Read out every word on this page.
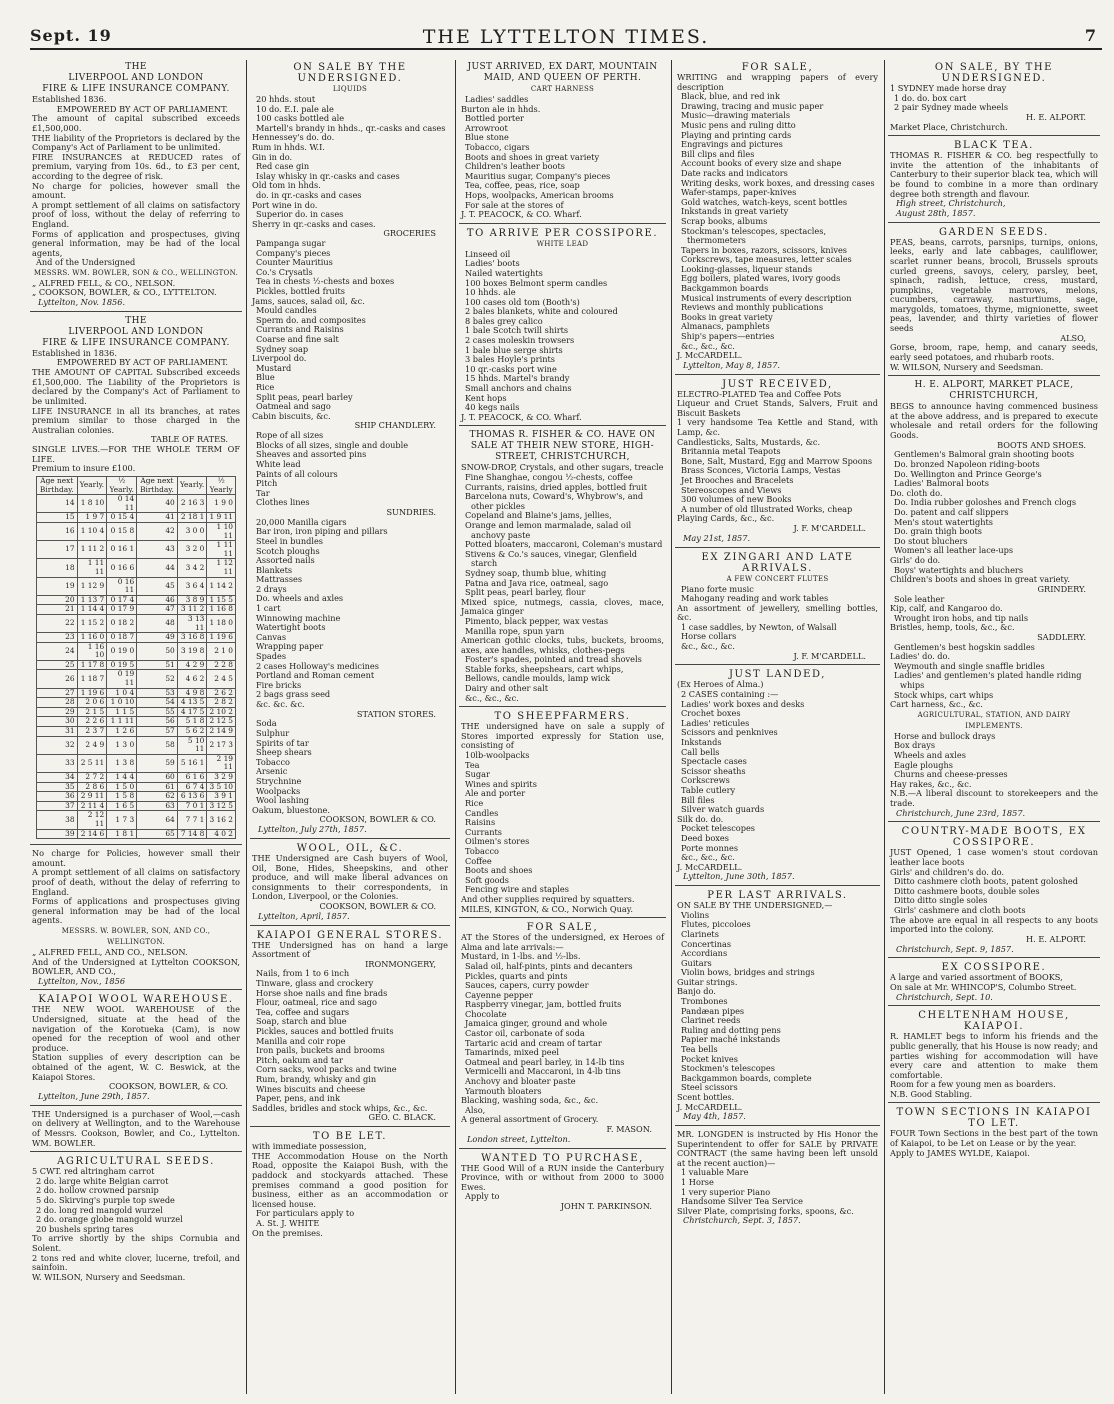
Sept. 19	THE LYTTELTON TIMES.	7
THE
LIVERPOOL AND LONDON
FIRE & LIFE INSURANCE COMPANY.
Established 1836.
EMPOWERED BY ACT OF PARLIAMENT.
The amount of capital subscribed exceeds £1,500,000.
THE liability of the Proprietors is declared by the Company's Act of Parliament to be unlimited.
FIRE INSURANCES at REDUCED rates of premium, varying from 10s. 6d., to £3 per cent, according to the degree of risk.
No charge for policies, however small the amount.
A prompt settlement of all claims on satisfactory proof of loss, without the delay of referring to England.
Forms of application and prospectuses, giving general information, may be had of the local agents,
And of the Undersigned
MESSRS. WM. BOWLER, SON & CO., WELLINGTON.
„ ALFRED FELL, & CO., NELSON.
„ COOKSON, BOWLER, & CO., LYTTELTON.
Lyttelton, Nov. 1856.
THE
LIVERPOOL AND LONDON
FIRE & LIFE INSURANCE COMPANY.
Established in 1836.
EMPOWERED BY ACT OF PARLIAMENT.
THE AMOUNT OF CAPITAL Subscribed exceeds £1,500,000. The Liability of the Proprietors is declared by the Company's Act of Parliament to be unlimited.
LIFE INSURANCE in all its branches, at rates premium similar to those charged in the Australian colonies.
TABLE OF RATES.
SINGLE LIVES.—FOR THE WHOLE TERM OF LIFE.
Premium to insure £100.
Age next Birthday.	Yearly.	½ Yearly.	Age next Birthday.	Yearly.	½ Yearly
14	1 8 10	0 14 11	40	2 16 3	1 9 0
15	1 9 7	0 15 4	41	2 18 1	1 9 11
16	1 10 4	0 15 8	42	3 0 0	1 10 11
17	1 11 2	0 16 1	43	3 2 0	1 11 11
18	1 11 11	0 16 6	44	3 4 2	1 12 11
19	1 12 9	0 16 11	45	3 6 4	1 14 2
20	1 13 7	0 17 4	46	3 8 9	1 15 5
21	1 14 4	0 17 9	47	3 11 2	1 16 8
22	1 15 2	0 18 2	48	3 13 11	1 18 0
23	1 16 0	0 18 7	49	3 16 8	1 19 6
24	1 16 10	0 19 0	50	3 19 8	2 1 0
25	1 17 8	0 19 5	51	4 2 9	2 2 8
26	1 18 7	0 19 11	52	4 6 2	2 4 5
27	1 19 6	1 0 4	53	4 9 8	2 6 2
28	2 0 6	1 0 10	54	4 13 5	2 8 2
29	2 1 5	1 1 5	55	4 17 5	2 10 2
30	2 2 6	1 1 11	56	5 1 8	2 12 5
31	2 3 7	1 2 6	57	5 6 2	2 14 9
32	2 4 9	1 3 0	58	5 10 11	2 17 3
33	2 5 11	1 3 8	59	5 16 1	2 19 11
34	2 7 2	1 4 4	60	6 1 6	3 2 9
35	2 8 6	1 5 0	61	6 7 4	3 5 10
36	2 9 11	1 5 8	62	6 13 6	3 9 1
37	2 11 4	1 6 5	63	7 0 1	3 12 5
38	2 12 11	1 7 3	64	7 7 1	3 16 2
39	2 14 6	1 8 1	65	7 14 8	4 0 2
No charge for Policies, however small their amount.
A prompt settlement of all claims on satisfactory proof of death, without the delay of referring to England.
Forms of applications and prospectuses giving general information may be had of the local agents.
MESSRS. W. BOWLER, SON, AND CO., WELLINGTON.
„ ALFRED FELL, AND CO., NELSON.
And of the Undersigned at Lyttelton COOKSON, BOWLER, AND CO.,
Lyttelton, Nov., 1856
KAIAPOI WOOL WAREHOUSE.
THE NEW WOOL WAREHOUSE of the Undersigned, situate at the head of the navigation of the Korotueka (Cam), is now opened for the reception of wool and other produce.
Station supplies of every description can be obtained of the agent, W. C. Beswick, at the Kaiapoi Stores.
COOKSON, BOWLER, & CO.
Lyttelton, June 29th, 1857.
THE Undersigned is a purchaser of Wool,—cash on delivery at Wellington, and to the Warehouse of Messrs. Cookson, Bowler, and Co., Lyttelton. WM. BOWLER.
AGRICULTURAL SEEDS.
5 CWT. red altringham carrot
2 do. large white Belgian carrot
2 do. hollow crowned parsnip
5 do. Skirving's purple top swede
2 do. long red mangold wurzel
2 do. orange globe mangold wurzel
20 bushels spring tares
To arrive shortly by the ships Cornubia and Solent.
2 tons red and white clover, lucerne, trefoil, and sainfoin.
W. WILSON, Nursery and Seedsman.
ON SALE BY THE UNDERSIGNED.
LIQUIDS
20 hhds. stout
10 do. E.I. pale ale
100 casks bottled ale
Martell's brandy in hhds., qr.-casks and cases
Hennessey's do. do.
Rum in hhds. W.I.
Gin in do.
Red case gin
Islay whisky in qr.-casks and cases
Old tom in hhds.
do. in qr.-casks and cases
Port wine in do.
Superior do. in cases
Sherry in qr.-casks and cases.
GROCERIES
Pampanga sugar
Company's pieces
Counter Mauritius
Co.'s Crysatls
Tea in chests ½-chests and boxes
Pickles, bottled fruits
Jams, sauces, salad oil, &c.
Mould candles
Sperm do. and composites
Currants and Raisins
Coarse and fine salt
Sydney soap
Liverpool do.
Mustard
Blue
Rice
Split peas, pearl barley
Oatmeal and sago
Cabin biscuits, &c.
SHIP CHANDLERY.
Rope of all sizes
Blocks of all sizes, single and double
Sheaves and assorted pins
White lead
Paints of all colours
Pitch
Tar
Clothes lines
SUNDRIES.
20,000 Manilla cigars
Bar iron, iron piping and pillars
Steel in bundles
Scotch ploughs
Assorted nails
Blankets
Mattrasses
2 drays
Do. wheels and axles
1 cart
Winnowing machine
Watertight boots
Canvas
Wrapping paper
Spades
2 cases Holloway's medicines
Portland and Roman cement
Fire bricks
2 bags grass seed
&c. &c. &c.
STATION STORES.
Soda
Sulphur
Spirits of tar
Sheep shears
Tobacco
Arsenic
Strychnine
Woolpacks
Wool lashing
Oakum, bluestone.
COOKSON, BOWLER & CO.
Lyttelton, July 27th, 1857.
WOOL, OIL, &C.
THE Undersigned are Cash buyers of Wool, Oil, Bone, Hides, Sheepskins, and other produce, and will make liberal advances on consignments to their correspondents, in London, Liverpool, or the Colonies.
COOKSON, BOWLER & CO.
Lyttelton, April, 1857.
KAIAPOI GENERAL STORES.
THE Undersigned has on hand a large Assortment of
IRONMONGERY,
Nails, from 1 to 6 inch
Tinware, glass and crockery
Horse shoe nails and fine brads
Flour, oatmeal, rice and sago
Tea, coffee and sugars
Soap, starch and blue
Pickles, sauces and bottled fruits
Manilla and coir rope
Iron pails, buckets and brooms
Pitch, oakum and tar
Corn sacks, wool packs and twine
Rum, brandy, whisky and gin
Wines biscuits and cheese
Paper, pens, and ink
Saddles, bridles and stock whips, &c., &c.
GEO. C. BLACK.
TO BE LET.
with immediate possession,
THE Accommodation House on the North Road, opposite the Kaiapoi Bush, with the paddock and stockyards attached. These premises command a good position for business, either as an accommodation or licensed house.
For particulars apply to
A. St. J. WHITE
On the premises.
JUST ARRIVED, EX DART, MOUNTAIN MAID, AND QUEEN OF PERTH.
CART HARNESS
Ladies' saddles
Burton ale in hhds.
Bottled porter
Arrowroot
Blue stone
Tobacco, cigars
Boots and shoes in great variety
Children's leather boots
Mauritius sugar, Company's pieces
Tea, coffee, peas, rice, soap
Hops, woolpacks, American brooms
For sale at the stores of
J. T. PEACOCK, & CO. Wharf.
TO ARRIVE PER COSSIPORE.
WHITE LEAD
Linseed oil
Ladies' boots
Nailed watertights
100 boxes Belmont sperm candles
10 hhds. ale
100 cases old tom (Booth's)
2 bales blankets, white and coloured
8 bales grey calico
1 bale Scotch twill shirts
2 cases moleskin trowsers
1 bale blue serge shirts
3 bales Hoyle's prints
10 qr.-casks port wine
15 hhds. Martel's brandy
Small anchors and chains
Kent hops
40 kegs nails
J. T. PEACOCK, & CO. Wharf.
THOMAS R. FISHER & CO. HAVE ON SALE AT THEIR NEW STORE, HIGH-STREET, CHRISTCHURCH,
SNOW-DROP, Crystals, and other sugars, treacle
Fine Shanghae, congou ½-chests, coffee
Currants, raisins, dried apples, bottled fruit
Barcelona nuts, Coward's, Whybrow's, and other pickles
Copeland and Blaine's jams, jellies,
Orange and lemon marmalade, salad oil anchovy paste
Potted bloaters, maccaroni, Coleman's mustard
Stivens & Co.'s sauces, vinegar, Glenfield starch
Sydney soap, thumb blue, whiting
Patna and Java rice, oatmeal, sago
Split peas, pearl barley, flour
Mixed spice, nutmegs, cassia, cloves, mace, Jamaica ginger
Pimento, black pepper, wax vestas
Manilla rope, spun yarn
American gothic clocks, tubs, buckets, brooms, axes, axe handles, whisks, clothes-pegs
Foster's spades, pointed and tread shovels
Stable forks, sheepshears, cart whips,
Bellows, candle moulds, lamp wick
Dairy and other salt
&c., &c., &c.
TO SHEEPFARMERS.
THE undersigned have on sale a supply of Stores imported expressly for Station use, consisting of
10lb-woolpacks
Tea
Sugar
Wines and spirits
Ale and porter
Rice
Candles
Raisins
Currants
Oilmen's stores
Tobacco
Coffee
Boots and shoes
Soft goods
Fencing wire and staples
And other supplies required by squatters.
MILES, KINGTON, & CO., Norwich Quay.
FOR SALE,
AT the Stores of the undersigned, ex Heroes of Alma and late arrivals:—
Mustard, in 1-lbs. and ½-lbs.
Salad oil, half-pints, pints and decanters
Pickles, quarts and pints
Sauces, capers, curry powder
Cayenne pepper
Raspberry vinegar, jam, bottled fruits
Chocolate
Jamaica ginger, ground and whole
Castor oil, carbonate of soda
Tartaric acid and cream of tartar
Tamarinds, mixed peel
Oatmeal and pearl barley, in 14-lb tins
Vermicelli and Maccaroni, in 4-lb tins
Anchovy and bloater paste
Yarmouth bloaters
Blacking, washing soda, &c., &c.
Also,
A general assortment of Grocery.
F. MASON.
London street, Lyttelton.
WANTED TO PURCHASE,
THE Good Will of a RUN inside the Canterbury Province, with or without from 2000 to 3000 Ewes.
Apply to
JOHN T. PARKINSON.
FOR SALE,
WRITING and wrapping papers of every description
Black, blue, and red ink
Drawing, tracing and music paper
Music—drawing materials
Music pens and ruling ditto
Playing and printing cards
Engravings and pictures
Bill clips and files
Account books of every size and shape
Date racks and indicators
Writing desks, work boxes, and dressing cases
Wafer-stamps, paper-knives
Gold watches, watch-keys, scent bottles
Inkstands in great variety
Scrap books, albums
Stockman's telescopes, spectacles, thermometers
Tapers in boxes, razors, scissors, knives
Corkscrews, tape measures, letter scales
Looking-glasses, liqueur stands
Egg boilers, plated wares, ivory goods
Backgammon boards
Musical instruments of every description
Reviews and monthly publications
Books in great variety
Almanacs, pamphlets
Ship's papers—entries
&c., &c., &c.
J. McCARDELL.
Lyttelton, May 8, 1857.
JUST RECEIVED,
ELECTRO-PLATED Tea and Coffee Pots
Liqueur and Cruet Stands, Salvers, Fruit and Biscuit Baskets
1 very handsome Tea Kettle and Stand, with Lamp, &c.
Candlesticks, Salts, Mustards, &c.
Britannia metal Teapots
Bone, Salt, Mustard, Egg and Marrow Spoons
Brass Sconces, Victoria Lamps, Vestas
Jet Brooches and Bracelets
Stereoscopes and Views
300 volumes of new Books
A number of old Illustrated Works, cheap
Playing Cards, &c., &c.
J. F. M'CARDELL.
May 21st, 1857.
EX ZINGARI AND LATE ARRIVALS.
A FEW CONCERT FLUTES
Piano forte music
Mahogany reading and work tables
An assortment of jewellery, smelling bottles, &c.
1 case saddles, by Newton, of Walsall
Horse collars
&c., &c., &c.
J. F. M'CARDELL.
JUST LANDED,
(Ex Heroes of Alma.)
2 CASES containing :—
Ladies' work boxes and desks
Crochet boxes
Ladies' reticules
Scissors and penknives
Inkstands
Call bells
Spectacle cases
Scissor sheaths
Corkscrews
Table cutlery
Bill files
Silver watch guards
Silk do. do.
Pocket telescopes
Deed boxes
Porte monnes
&c., &c., &c.
J. McCARDELL.
Lyttelton, June 30th, 1857.
PER LAST ARRIVALS.
ON SALE BY THE UNDERSIGNED,—
Violins
Flutes, piccoloes
Clarinets
Concertinas
Accordians
Guitars
Violin bows, bridges and strings
Guitar strings.
Banjo do.
Trombones
Pandæan pipes
Clarinet reeds
Ruling and dotting pens
Papier maché inkstands
Tea bells
Pocket knives
Stockmen's telescopes
Backgammon boards, complete
Steel scissors
Scent bottles.
J. McCARDELL.
May 4th, 1857.
MR. LONGDEN is instructed by His Honor the Superintendent to offer for SALE by PRIVATE CONTRACT (the same having been left unsold at the recent auction)—
1 valuable Mare
1 Horse
1 very superior Piano
Handsome Silver Tea Service
Silver Plate, comprising forks, spoons, &c.
Christchurch, Sept. 3, 1857.
ON SALE, BY THE UNDERSIGNED.
1 SYDNEY made horse dray
1 do. do. box cart
2 pair Sydney made wheels
H. E. ALPORT.
Market Place, Christchurch.
BLACK TEA.
THOMAS R. FISHER & CO. beg respectfully to invite the attention of the inhabitants of Canterbury to their superior black tea, which will be found to combine in a more than ordinary degree both strength and flavour.
High street, Christchurch,
August 28th, 1857.
GARDEN SEEDS.
PEAS, beans, carrots, parsnips, turnips, onions, leeks, early and late cabbages, cauliflower, scarlet runner beans, brocoli, Brussels sprouts curled greens, savoys, celery, parsley, beet, spinach, radish, lettuce, cress, mustard, pumpkins, vegetable marrows, melons, cucumbers, carraway, nasturtiums, sage, marygolds, tomatoes, thyme, mignionette, sweet peas, lavender, and thirty varieties of flower seeds
ALSO,
Gorse, broom, rape, hemp, and canary seeds, early seed potatoes, and rhubarb roots.
W. WILSON, Nursery and Seedsman.
H. E. ALPORT, MARKET PLACE, CHRISTCHURCH,
BEGS to announce having commenced business at the above address, and is prepared to execute wholesale and retail orders for the following Goods.
BOOTS AND SHOES.
Gentlemen's Balmoral grain shooting boots
Do. bronzed Napoleon riding-boots
Do. Wellington and Prince George's
Ladies' Balmoral boots
Do. cloth do.
Do. India rubber goloshes and French clogs
Do. patent and calf slippers
Men's stout watertights
Do. grain thigh boots
Do stout bluchers
Women's all leather lace-ups
Girls' do do.
Boys' watertights and bluchers
Children's boots and shoes in great variety.
GRINDERY.
Sole leather
Kip, calf, and Kangaroo do.
Wrought iron hobs, and tip nails
Bristles, hemp, tools, &c., &c.
SADDLERY.
Gentlemen's best hogskin saddles
Ladies' do. do.
Weymouth and single snaffle bridles
Ladies' and gentlemen's plated handle riding whips
Stock whips, cart whips
Cart harness, &c., &c.
AGRICULTURAL, STATION, AND DAIRY IMPLEMENTS.
Horse and bullock drays
Box drays
Wheels and axles
Eagle ploughs
Churns and cheese-presses
Hay rakes, &c., &c.
N.B.—A liberal discount to storekeepers and the trade.
Christchurch, June 23rd, 1857.
COUNTRY-MADE BOOTS, EX COSSIPORE.
JUST Opened, 1 case women's stout cordovan leather lace boots
Girls' and children's do. do.
Ditto cashmere cloth boots, patent goloshed
Ditto cashmere boots, double soles
Ditto ditto single soles
Girls' cashmere and cloth boots
The above are equal in all respects to any boots imported into the colony.
H. E. ALPORT.
Christchurch, Sept. 9, 1857.
EX COSSIPORE.
A large and varied assortment of BOOKS,
On sale at Mr. WHINCOP'S, Columbo Street.
Christchurch, Sept. 10.
CHELTENHAM HOUSE, KAIAPOI.
R. HAMLET begs to inform his friends and the public generally, that his House is now ready; and parties wishing for accommodation will have every care and attention to make them comfortable.
Room for a few young men as boarders.
N.B. Good Stabling.
TOWN SECTIONS IN KAIAPOI TO LET.
FOUR Town Sections in the best part of the town of Kaiapoi, to be Let on Lease or by the year.
Apply to JAMES WYLDE, Kaiapoi.
